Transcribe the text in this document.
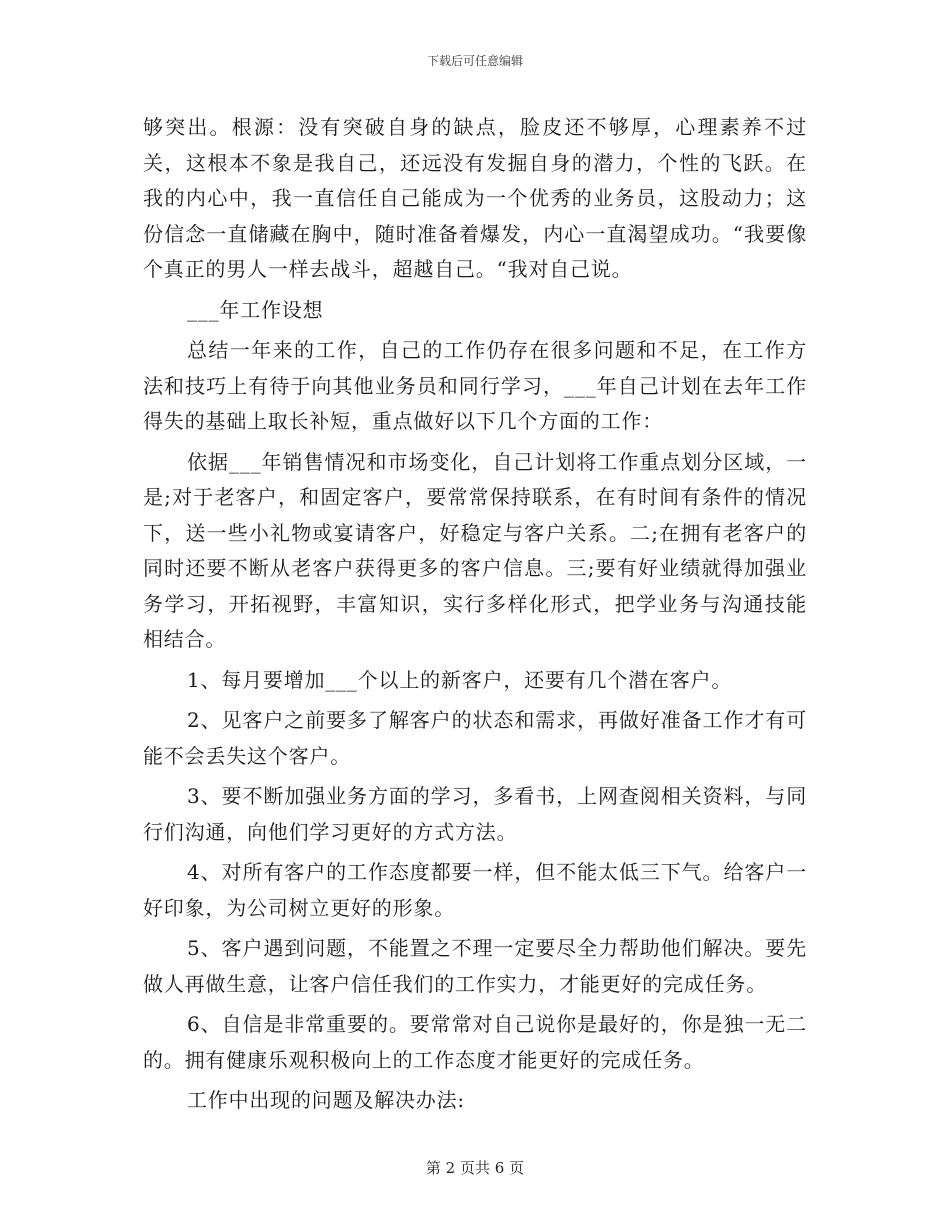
下载后可任意编辑

够突出。根源：没有突破自身的缺点，脸皮还不够厚，心理素养不过关，这根本不象是我自己，还远没有发掘自身的潜力，个性的飞跃。在我的内心中，我一直信任自己能成为一个优秀的业务员，这股动力；这份信念一直储藏在胸中，随时准备着爆发，内心一直渴望成功。“我要像个真正的男人一样去战斗，超越自己。“我对自己说。

___年工作设想

总结一年来的工作，自己的工作仍存在很多问题和不足，在工作方法和技巧上有待于向其他业务员和同行学习，___年自己计划在去年工作得失的基础上取长补短，重点做好以下几个方面的工作：

依据___年销售情况和市场变化，自己计划将工作重点划分区域，一是;对于老客户，和固定客户，要常常保持联系，在有时间有条件的情况下，送一些小礼物或宴请客户，好稳定与客户关系。二;在拥有老客户的同时还要不断从老客户获得更多的客户信息。三;要有好业绩就得加强业务学习，开拓视野，丰富知识，实行多样化形式，把学业务与沟通技能相结合。

1、每月要增加___个以上的新客户，还要有几个潜在客户。

2、见客户之前要多了解客户的状态和需求，再做好准备工作才有可能不会丢失这个客户。

3、要不断加强业务方面的学习，多看书，上网查阅相关资料，与同行们沟通，向他们学习更好的方式方法。

4、对所有客户的工作态度都要一样，但不能太低三下气。给客户一好印象，为公司树立更好的形象。

5、客户遇到问题，不能置之不理一定要尽全力帮助他们解决。要先做人再做生意，让客户信任我们的工作实力，才能更好的完成任务。

6、自信是非常重要的。要常常对自己说你是最好的，你是独一无二的。拥有健康乐观积极向上的工作态度才能更好的完成任务。

工作中出现的问题及解决办法:

第 2 页共 6 页
